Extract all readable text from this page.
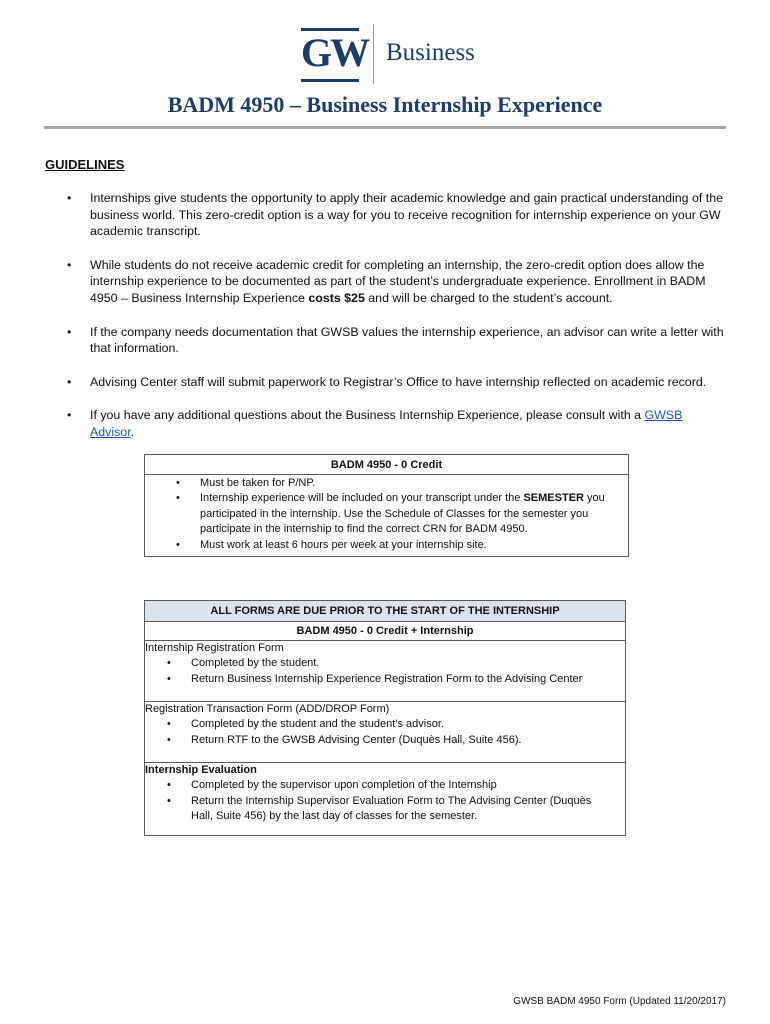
GW Business
BADM 4950 – Business Internship Experience
GUIDELINES
• Internships give students the opportunity to apply their academic knowledge and gain practical understanding of the business world. This zero-credit option is a way for you to receive recognition for internship experience on your GW academic transcript.
• While students do not receive academic credit for completing an internship, the zero-credit option does allow the internship experience to be documented as part of the student’s undergraduate experience. Enrollment in BADM 4950 – Business Internship Experience costs $25 and will be charged to the student’s account.
• If the company needs documentation that GWSB values the internship experience, an advisor can write a letter with that information.
• Advising Center staff will submit paperwork to Registrar’s Office to have internship reflected on academic record.
• If you have any additional questions about the Business Internship Experience, please consult with a GWSB Advisor.
BADM 4950 - 0 Credit

• Must be taken for P/NP.
• Internship experience will be included on your transcript under the SEMESTER you participated in the internship. Use the Schedule of Classes for the semester you participate in the internship to find the correct CRN for BADM 4950.
• Must work at least 6 hours per week at your internship site.
ALL FORMS ARE DUE PRIOR TO THE START OF THE INTERNSHIP
BADM 4950 - 0 Credit + Internship

Internship Registration Form
• Completed by the student.
• Return Business Internship Experience Registration Form to the Advising Center

Registration Transaction Form (ADD/DROP Form)
• Completed by the student and the student’s advisor.
• Return RTF to the GWSB Advising Center (Duquès Hall, Suite 456).

Internship Evaluation
• Completed by the supervisor upon completion of the Internship
• Return the Internship Supervisor Evaluation Form to The Advising Center (Duquès Hall, Suite 456) by the last day of classes for the semester.
GWSB BADM 4950 Form (Updated 11/20/2017)
